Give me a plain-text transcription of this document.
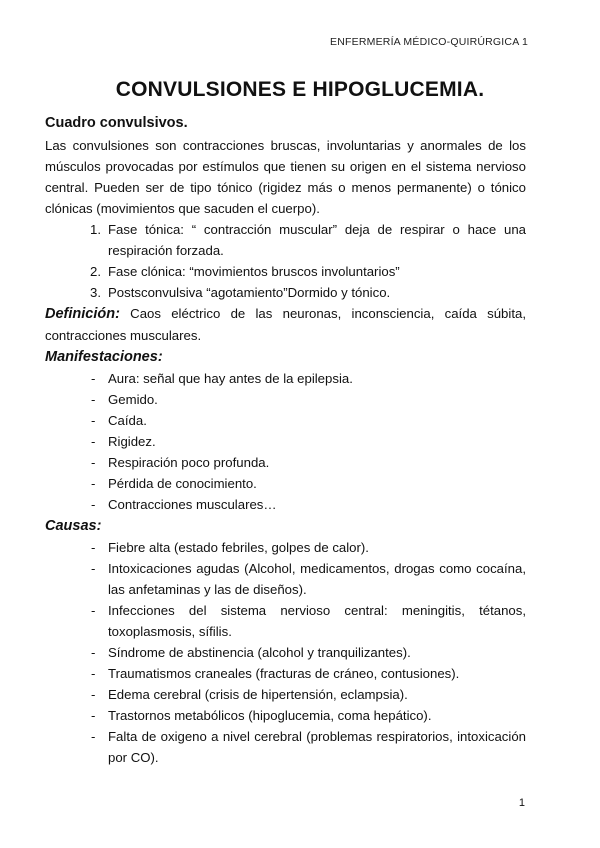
ENFERMERÍA MÉDICO-QUIRÚRGICA 1
CONVULSIONES E HIPOGLUCEMIA.

Cuadro convulsivos.

Las convulsiones son contracciones bruscas, involuntarias y anormales de los músculos provocadas por estímulos que tienen su origen en el sistema nervioso central. Pueden ser de tipo tónico (rigidez más o menos permanente) o tónico clónicas (movimientos que sacuden el cuerpo).

1. Fase tónica: “ contracción muscular” deja de respirar o hace una respiración forzada.
2. Fase clónica: “movimientos bruscos involuntarios”
3. Postsconvulsiva “agotamiento”Dormido y tónico.

Definición: Caos eléctrico de las neuronas, inconsciencia, caída súbita, contracciones musculares.

Manifestaciones:

- Aura: señal que hay antes de la epilepsia.
- Gemido.
- Caída.
- Rigidez.
- Respiración poco profunda.
- Pérdida de conocimiento.
- Contracciones musculares…

Causas:

- Fiebre alta (estado febriles, golpes de calor).
- Intoxicaciones agudas (Alcohol, medicamentos, drogas como cocaína, las anfetaminas y las de diseños).
- Infecciones del sistema nervioso central: meningitis, tétanos, toxoplasmosis, sífilis.
- Síndrome de abstinencia (alcohol y tranquilizantes).
- Traumatismos craneales (fracturas de cráneo, contusiones).
- Edema cerebral (crisis de hipertensión, eclampsia).
- Trastornos metabólicos (hipoglucemia, coma hepático).
- Falta de oxigeno a nivel cerebral (problemas respiratorios, intoxicación por CO).
1
